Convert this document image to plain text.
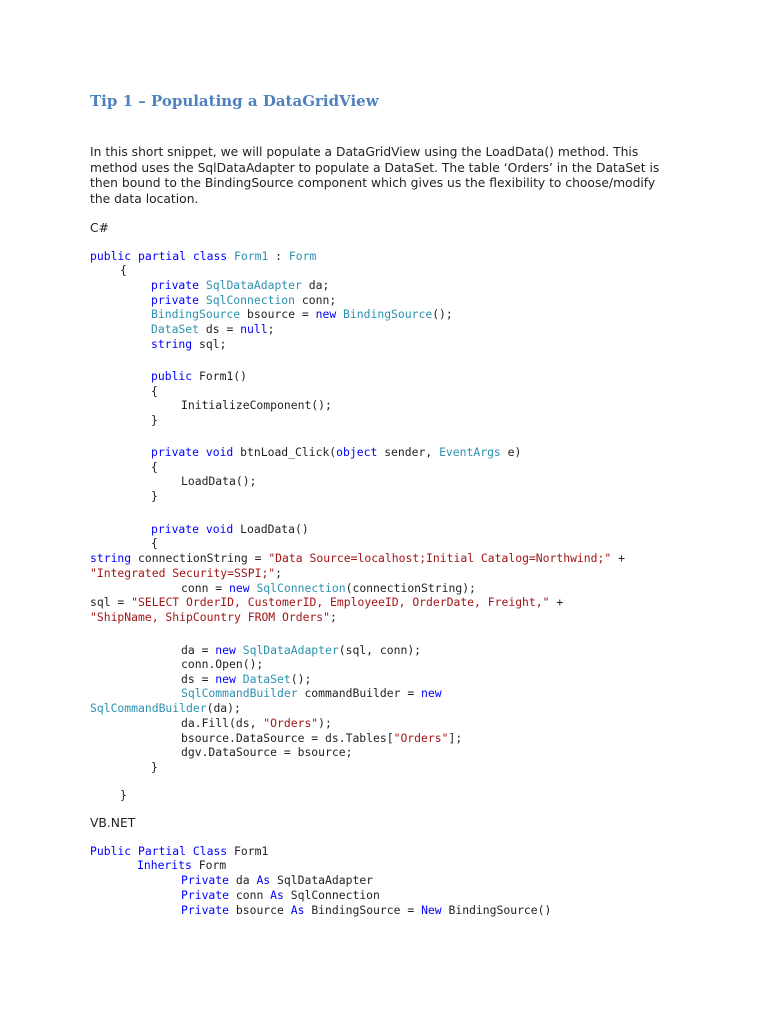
Tip 1 – Populating a DataGridView

In this short snippet, we will populate a DataGridView using the LoadData() method. This
method uses the SqlDataAdapter to populate a DataSet. The table ‘Orders’ in the DataSet is
then bound to the BindingSource component which gives us the flexibility to choose/modify
the data location.

C#
public partial class Form1 : Form
{
private SqlDataAdapter da;
private SqlConnection conn;
BindingSource bsource = new BindingSource();
DataSet ds = null;
string sql;
public Form1()
{
InitializeComponent();
}
private void btnLoad_Click(object sender, EventArgs e)
{
LoadData();
}
private void LoadData()
{
string connectionString = "Data Source=localhost;Initial Catalog=Northwind;" +
"Integrated Security=SSPI;";
conn = new SqlConnection(connectionString);
sql = "SELECT OrderID, CustomerID, EmployeeID, OrderDate, Freight," +
"ShipName, ShipCountry FROM Orders";
da = new SqlDataAdapter(sql, conn);
conn.Open();
ds = new DataSet();
SqlCommandBuilder commandBuilder = new
SqlCommandBuilder(da);
da.Fill(ds, "Orders");
bsource.DataSource = ds.Tables["Orders"];
dgv.DataSource = bsource;
}
}
VB.NET
Public Partial Class Form1
Inherits Form
Private da As SqlDataAdapter
Private conn As SqlConnection
Private bsource As BindingSource = New BindingSource()
